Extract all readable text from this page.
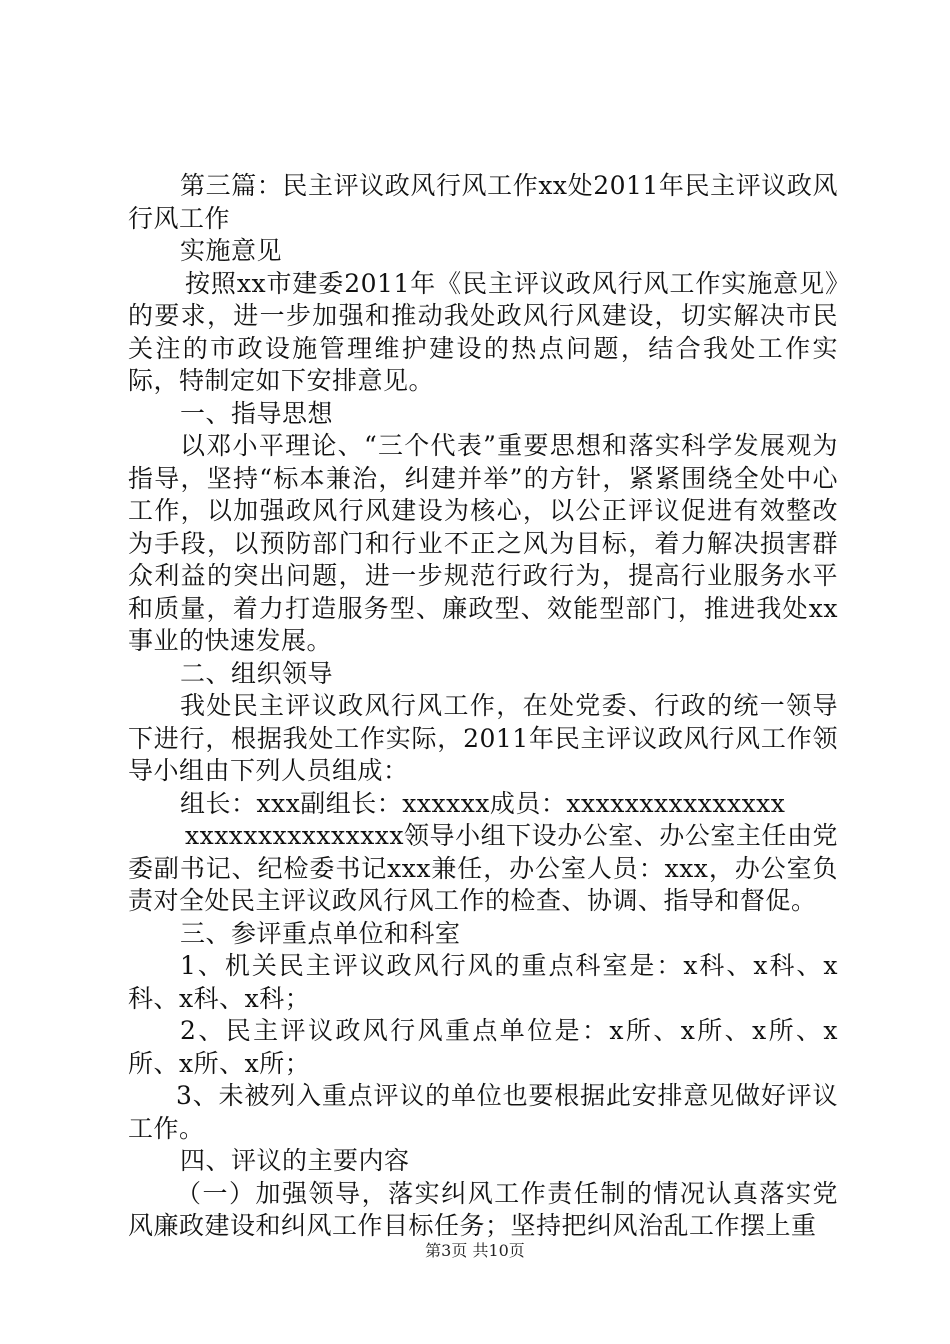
第三篇：民主评议政风行风工作xx处2011年民主评议政风行风工作

实施意见

按照xx市建委2011年《民主评议政风行风工作实施意见》的要求，进一步加强和推动我处政风行风建设，切实解决市民关注的市政设施管理维护建设的热点问题，结合我处工作实际，特制定如下安排意见。

一、指导思想

以邓小平理论、“三个代表”重要思想和落实科学发展观为指导，坚持“标本兼治，纠建并举”的方针，紧紧围绕全处中心工作，以加强政风行风建设为核心，以公正评议促进有效整改为手段，以预防部门和行业不正之风为目标，着力解决损害群众利益的突出问题，进一步规范行政行为，提高行业服务水平和质量，着力打造服务型、廉政型、效能型部门，推进我处xx事业的快速发展。

二、组织领导

我处民主评议政风行风工作，在处党委、行政的统一领导下进行，根据我处工作实际，2011年民主评议政风行风工作领导小组由下列人员组成：

组长：xxx副组长：xxxxxx成员：xxxxxxxxxxxxxxx

xxxxxxxxxxxxxxx领导小组下设办公室、办公室主任由党委副书记、纪检委书记xxx兼任，办公室人员：xxx，办公室负责对全处民主评议政风行风工作的检查、协调、指导和督促。

三、参评重点单位和科室

1、机关民主评议政风行风的重点科室是：x科、x科、x科、x科、x科；

2、民主评议政风行风重点单位是：x所、x所、x所、x所、x所、x所；

3、未被列入重点评议的单位也要根据此安排意见做好评议工作。

四、评议的主要内容

（一）加强领导，落实纠风工作责任制的情况认真落实党风廉政建设和纠风工作目标任务；坚持把纠风治乱工作摆上重

第3页 共10页
